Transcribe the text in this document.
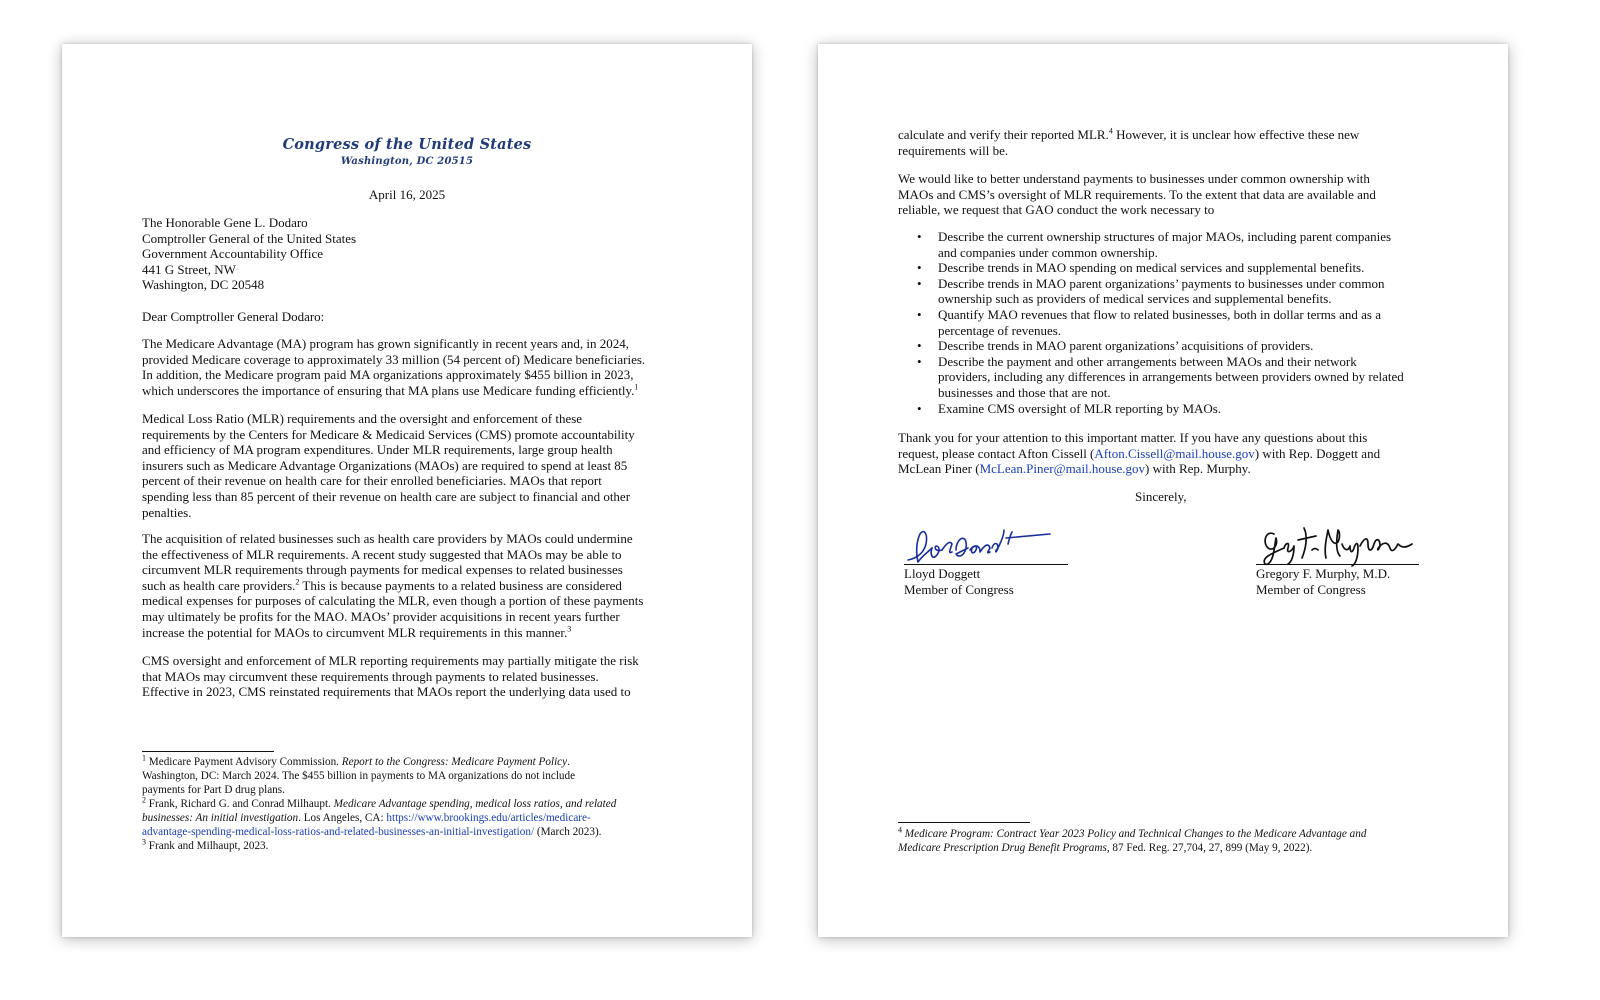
Congress of the United States
Washington, DC 20515
April 16, 2025
The Honorable Gene L. Dodaro
Comptroller General of the United States
Government Accountability Office
441 G Street, NW
Washington, DC 20548
Dear Comptroller General Dodaro:

The Medicare Advantage (MA) program has grown significantly in recent years and, in 2024,

provided Medicare coverage to approximately 33 million (54 percent of) Medicare beneficiaries.

In addition, the Medicare program paid MA organizations approximately $455 billion in 2023,

which underscores the importance of ensuring that MA plans use Medicare funding efficiently.$^1$

Medical Loss Ratio (MLR) requirements and the oversight and enforcement of these

requirements by the Centers for Medicare & Medicaid Services (CMS) promote accountability

and efficiency of MA program expenditures. Under MLR requirements, large group health

insurers such as Medicare Advantage Organizations (MAOs) are required to spend at least 85

percent of their revenue on health care for their enrolled beneficiaries. MAOs that report

spending less than 85 percent of their revenue on health care are subject to financial and other

penalties.

The acquisition of related businesses such as health care providers by MAOs could undermine

the effectiveness of MLR requirements. A recent study suggested that MAOs may be able to

circumvent MLR requirements through payments for medical expenses to related businesses

such as health care providers.$^2$ This is because payments to a related business are considered

medical expenses for purposes of calculating the MLR, even though a portion of these payments

may ultimately be profits for the MAO. MAOs’ provider acquisitions in recent years further

increase the potential for MAOs to circumvent MLR requirements in this manner.$^3$

CMS oversight and enforcement of MLR reporting requirements may partially mitigate the risk

that MAOs may circumvent these requirements through payments to related businesses.

Effective in 2023, CMS reinstated requirements that MAOs report the underlying data used to

$^1$ Medicare Payment Advisory Commission. Report to the Congress: Medicare Payment Policy.
Washington, DC: March 2024. The $455 billion in payments to MA organizations do not include
payments for Part D drug plans.
$^2$ Frank, Richard G. and Conrad Milhaupt. Medicare Advantage spending, medical loss ratios, and related
businesses: An initial investigation. Los Angeles, CA: https://www.brookings.edu/articles/medicare-
advantage-spending-medical-loss-ratios-and-related-businesses-an-initial-investigation/ (March 2023).
$^3$ Frank and Milhaupt, 2023.

calculate and verify their reported MLR.$^4$ However, it is unclear how effective these new

requirements will be.

We would like to better understand payments to businesses under common ownership with

MAOs and CMS’s oversight of MLR requirements. To the extent that data are available and

reliable, we request that GAO conduct the work necessary to

• Describe the current ownership structures of major MAOs, including parent companies
and companies under common ownership.
• Describe trends in MAO spending on medical services and supplemental benefits.
• Describe trends in MAO parent organizations’ payments to businesses under common
ownership such as providers of medical services and supplemental benefits.
• Quantify MAO revenues that flow to related businesses, both in dollar terms and as a
percentage of revenues.
• Describe trends in MAO parent organizations’ acquisitions of providers.
• Describe the payment and other arrangements between MAOs and their network
providers, including any differences in arrangements between providers owned by related
businesses and those that are not.
• Examine CMS oversight of MLR reporting by MAOs.

Thank you for your attention to this important matter. If you have any questions about this

request, please contact Afton Cissell (Afton.Cissell@mail.house.gov) with Rep. Doggett and

McLean Piner (McLean.Piner@mail.house.gov) with Rep. Murphy.

Sincerely,
Lloyd Doggett
Member of Congress
Gregory F. Murphy, M.D.
Member of Congress
$^4$ Medicare Program: Contract Year 2023 Policy and Technical Changes to the Medicare Advantage and
Medicare Prescription Drug Benefit Programs, 87 Fed. Reg. 27,704, 27, 899 (May 9, 2022).
